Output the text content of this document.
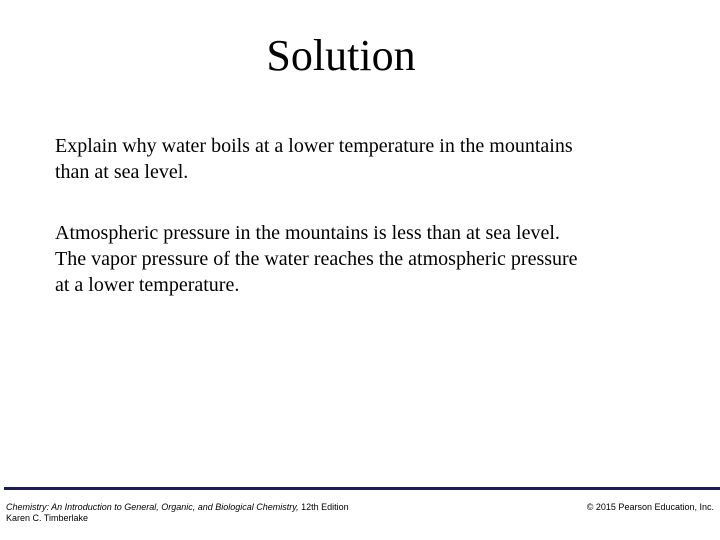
Solution
Explain why water boils at a lower temperature in the mountains
than at sea level.
Atmospheric pressure in the mountains is less than at sea level.
The vapor pressure of the water reaches the atmospheric pressure
at a lower temperature.
Chemistry: An Introduction to General, Organic, and Biological Chemistry, 12th Edition
Karen C. Timberlake
© 2015 Pearson Education, Inc.
